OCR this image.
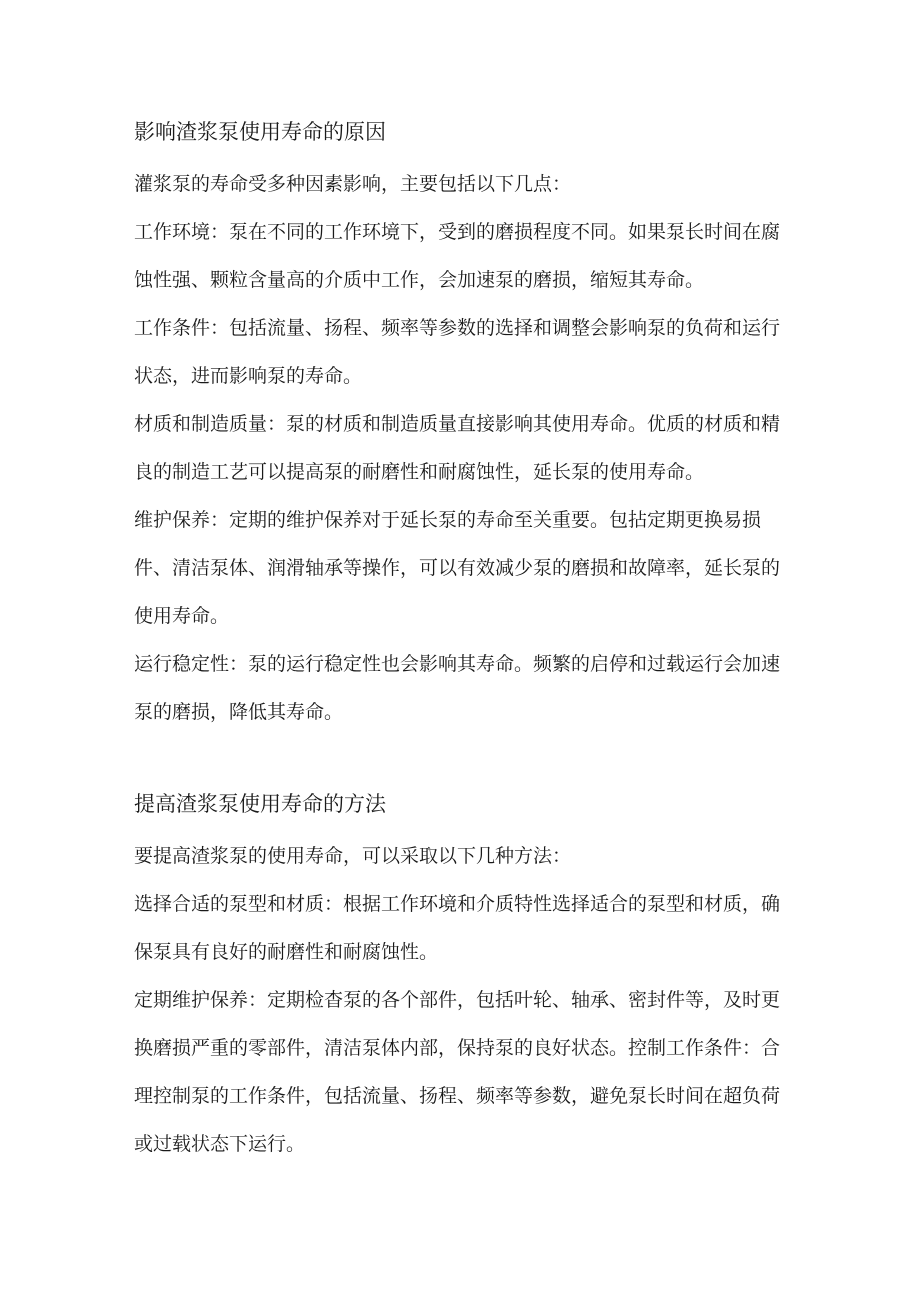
影响渣浆泵使用寿命的原因

灌浆泵的寿命受多种因素影响，主要包括以下几点：

工作环境：泵在不同的工作环境下，受到的磨损程度不同。如果泵长时间在腐蚀性强、颗粒含量高的介质中工作，会加速泵的磨损，缩短其寿命。

工作条件：包括流量、扬程、频率等参数的选择和调整会影响泵的负荷和运行状态，进而影响泵的寿命。

材质和制造质量：泵的材质和制造质量直接影响其使用寿命。优质的材质和精良的制造工艺可以提高泵的耐磨性和耐腐蚀性，延长泵的使用寿命。

维护保养：定期的维护保养对于延长泵的寿命至关重要。包拈定期更换易损件、清洁泵体、润滑轴承等操作，可以有效减少泵的磨损和故障率，延长泵的使用寿命。

运行稳定性：泵的运行稳定性也会影响其寿命。频繁的启停和过载运行会加速泵的磨损，降低其寿命。

提高渣浆泵使用寿命的方法

要提高渣浆泵的使用寿命，可以采取以下几种方法：

选择合适的泵型和材质：根据工作环境和介质特性选择适合的泵型和材质，确保泵具有良好的耐磨性和耐腐蚀性。

定期维护保养：定期检杳泵的各个部件，包括叶轮、轴承、密封件等，及时更换磨损严重的零部件，清洁泵体内部，保持泵的良好状态。控制工作条件：合理控制泵的工作条件，包括流量、扬程、频率等参数，避免泵长时间在超负荷或过载状态下运行。
